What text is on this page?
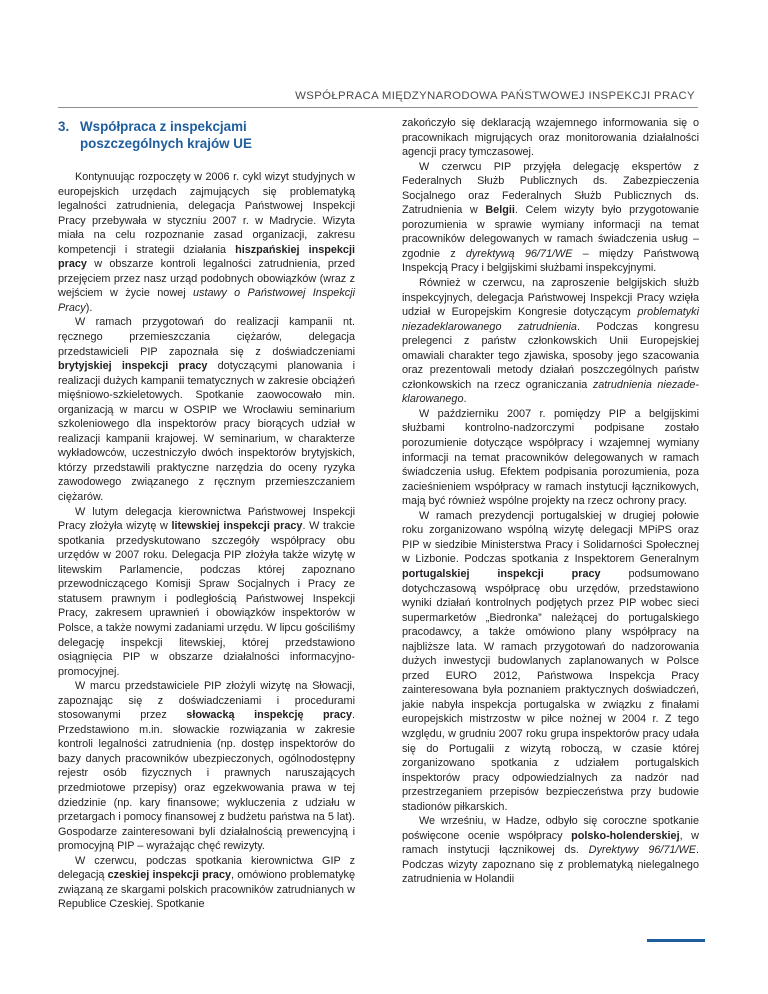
WSPÓŁPRACA MIĘDZYNARODOWA PAŃSTWOWEJ INSPEKCJI PRACY
3. Współpraca z inspekcjami
poszczególnych krajów UE

Kontynuując rozpoczęty w 2006 r. cykl wizyt studyjnych w europejskich urzędach zajmujących się problematyką legalności zatrudnienia, delegacja Państwowej Inspekcji Pracy przebywała w styczniu 2007 r. w Madrycie. Wizyta miała na celu rozpoznanie zasad organizacji, zakresu kompetencji i strategii działania hiszpańskiej inspekcji pracy w obszarze kontroli legalności zatrudnienia, przed przejęciem przez nasz urząd podobnych obowiązków (wraz z wejściem w życie nowej ustawy o Państwowej Inspekcji Pracy).

W ramach przygotowań do realizacji kampanii nt. ręcznego przemieszczania ciężarów, delegacja przedstawicieli PIP zapoznała się z doświadczeniami brytyjskiej inspekcji pracy dotyczącymi planowania i realizacji dużych kampanii tematycznych w zakresie obciążeń mięśniowo-szkieletowych. Spotkanie zaowocowało min. organizacją w marcu w OSPIP we Wrocławiu seminarium szkoleniowego dla inspektorów pracy biorących udział w realizacji kampanii krajowej. W seminarium, w charakterze wykładowców, uczestniczyło dwóch inspektorów brytyjskich, którzy przedstawili praktyczne narzędzia do oceny ryzyka zawodowego związanego z ręcznym przemieszczaniem ciężarów.

W lutym delegacja kierownictwa Państwowej Inspekcji Pracy złożyła wizytę w litewskiej inspekcji pracy. W trakcie spotkania przedyskutowano szczegóły współpracy obu urzędów w 2007 roku. Delegacja PIP złożyła także wizytę w litewskim Parlamencie, podczas której zapoznano przewodniczącego Komisji Spraw Socjalnych i Pracy ze statusem prawnym i podległością Państwowej Inspekcji Pracy, zakresem uprawnień i obowiązków inspektorów w Polsce, a także nowymi zadaniami urzędu. W lipcu gościliśmy delegację inspekcji litewskiej, której przedstawiono osiągnięcia PIP w obszarze działalności informacyjno-promocyjnej.

W marcu przedstawiciele PIP złożyli wizytę na Słowacji, zapoznając się z doświadczeniami i procedurami stosowanymi przez słowacką inspekcję pracy. Przedstawiono m.in. słowackie rozwiązania w zakresie kontroli legalności zatrudnienia (np. dostęp inspektorów do bazy danych pracowników ubezpieczonych, ogólnodostępny rejestr osób fizycznych i prawnych naruszających przedmiotowe przepisy) oraz egzekwowania prawa w tej dziedzinie (np. kary finansowe; wykluczenia z udziału w przetargach i pomocy finansowej z budżetu państwa na 5 lat). Gospodarze zainteresowani byli działalnością prewencyjną i promocyjną PIP – wyrażając chęć rewizyty.

W czerwcu, podczas spotkania kierownictwa GIP z delegacją czeskiej inspekcji pracy, omówiono problematykę związaną ze skargami polskich pracowników zatrudnianych w Republice Czeskiej. Spotkanie

zakończyło się deklaracją wzajemnego informowania się o pracownikach migrujących oraz monitorowania działalności agencji pracy tymczasowej.

W czerwcu PIP przyjęła delegację ekspertów z Federalnych Służb Publicznych ds. Zabezpieczenia Socjalnego oraz Federalnych Służb Publicznych ds. Zatrudnienia w Belgii. Celem wizyty było przygotowanie porozumienia w sprawie wymiany informacji na temat pracowników delegowanych w ramach świadczenia usług – zgodnie z dyrektywą 96/71/WE – między Państwową Inspekcją Pracy i belgijskimi służbami inspekcyjnymi.

Również w czerwcu, na zaproszenie belgijskich służb inspekcyjnych, delegacja Państwowej Inspekcji Pracy wzięła udział w Europejskim Kongresie dotyczącym problematyki niezadeklarowanego zatrudnienia. Podczas kongresu prelegenci z państw członkowskich Unii Europejskiej omawiali charakter tego zjawiska, sposoby jego szacowania oraz prezentowali metody działań poszczególnych państw członkowskich na rzecz ograniczania zatrudnienia niezadeklarowanego.

W październiku 2007 r. pomiędzy PIP a belgijskimi służbami kontrolno-nadzorczymi podpisane zostało porozumienie dotyczące współpracy i wzajemnej wymiany informacji na temat pracowników delegowanych w ramach świadczenia usług. Efektem podpisania porozumienia, poza zacieśnieniem współpracy w ramach instytucji łącznikowych, mają być również wspólne projekty na rzecz ochrony pracy.

W ramach prezydencji portugalskiej w drugiej połowie roku zorganizowano wspólną wizytę delegacji MPiPS oraz PIP w siedzibie Ministerstwa Pracy i Solidarności Społecznej w Lizbonie. Podczas spotkania z Inspektorem Generalnym portugalskiej inspekcji pracy podsumowano dotychczasową współpracę obu urzędów, przedstawiono wyniki działań kontrolnych podjętych przez PIP wobec sieci supermarketów „Biedronka” należącej do portugalskiego pracodawcy, a także omówiono plany współpracy na najbliższe lata. W ramach przygotowań do nadzorowania dużych inwestycji budowlanych zaplanowanych w Polsce przed EURO 2012, Państwowa Inspekcja Pracy zainteresowana była poznaniem praktycznych doświadczeń, jakie nabyła inspekcja portugalska w związku z finałami europejskich mistrzostw w piłce nożnej w 2004 r. Z tego względu, w grudniu 2007 roku grupa inspektorów pracy udała się do Portugalii z wizytą roboczą, w czasie której zorganizowano spotkania z udziałem portugalskich inspektorów pracy odpowiedzialnych za nadzór nad przestrzeganiem przepisów bezpieczeństwa przy budowie stadionów piłkarskich.

We wrześniu, w Hadze, odbyło się coroczne spotkanie poświęcone ocenie współpracy polsko-holenderskiej, w ramach instytucji łącznikowej ds. Dyrektywy 96/71/WE. Podczas wizyty zapoznano się z problematyką nielegalnego zatrudnienia w Holandii
